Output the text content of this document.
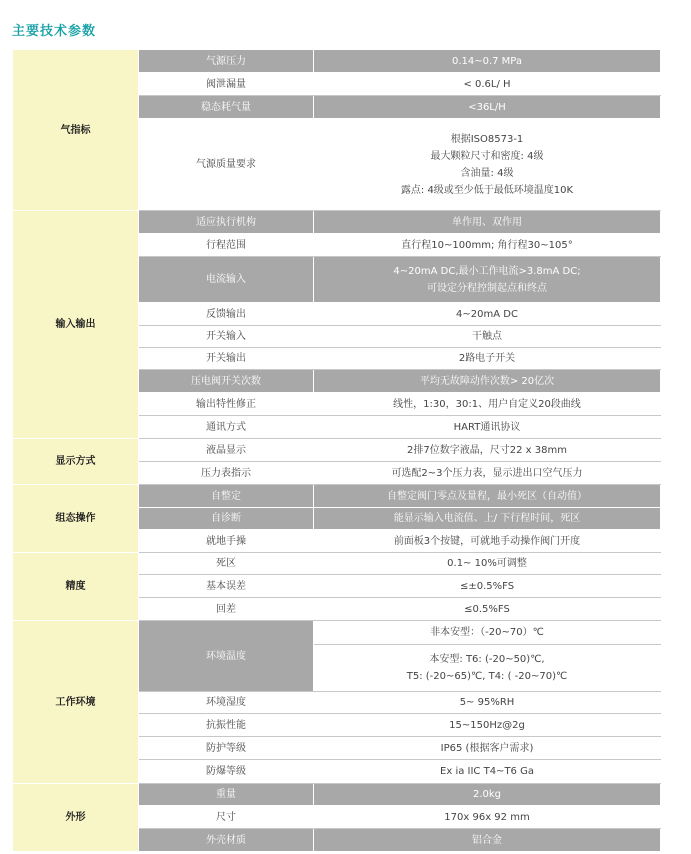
主要技术参数
气指标	气源压力	0.14~0.7 MPa

	阀泄漏量	< 0.6L/ H

	稳态耗气量	<36L/H

	气源质量要求	根据ISO8573-1
最大颗粒尺寸和密度: 4级
含油量: 4级
露点: 4级或至少低于最低环境温度10K

输入输出	适应执行机构	单作用、双作用

	行程范围	直行程10~100mm; 角行程30~105°

	电流输入	4~20mA DC,最小工作电流>3.8mA DC;
可设定分程控制起点和终点

	反馈输出	4~20mA DC

	开关输入	干触点

	开关输出	2路电子开关

	压电阀开关次数	平均无故障动作次数> 20亿次

	输出特性修正	线性，1:30，30:1、用户自定义20段曲线

	通讯方式	HART通讯协议

显示方式	液晶显示	2排7位数字液晶，尺寸22 x 38mm

	压力表指示	可选配2~3个压力表，显示进出口空气压力

组态操作	自整定	自整定阀门零点及量程，最小死区（自动值）

	自诊断	能显示输入电流值、上/ 下行程时间，死区

	就地手操	前面板3个按键，可就地手动操作阀门开度

精度	死区	0.1~ 10%可调整

	基本误差	≤±0.5%FS

	回差	≤0.5%FS

工作环境	环境温度	非本安型：（-20~70）℃

		本安型: T6: (-20~50)℃,
T5: (-20~65)℃, T4: ( -20~70)℃

	环境湿度	5~ 95%RH

	抗振性能	15~150Hz@2g

	防护等级	IP65 (根据客户需求)

	防爆等级	Ex ia IIC T4~T6 Ga

外形	重量	2.0kg

	尺寸	170x 96x 92 mm

	外壳材质	铝合金
